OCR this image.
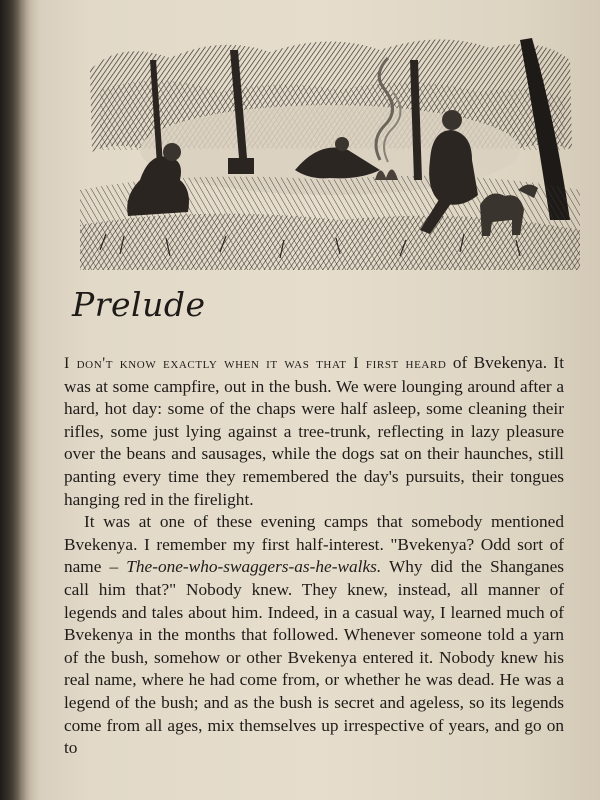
Prelude

I don't know exactly when it was that I first heard of Bvekenya. It was at some campfire, out in the bush. We were lounging around after a hard, hot day: some of the chaps were half asleep, some cleaning their rifles, some just lying against a tree-trunk, reflecting in lazy pleasure over the beans and sausages, while the dogs sat on their haunches, still panting every time they remembered the day's pursuits, their tongues hanging red in the firelight.

It was at one of these evening camps that somebody mentioned Bvekenya. I remember my first half-interest. "Bvekenya? Odd sort of name – The-one-who-swaggers-as-he-walks. Why did the Shanganes call him that?" Nobody knew. They knew, instead, all manner of legends and tales about him. Indeed, in a casual way, I learned much of Bvekenya in the months that followed. Whenever someone told a yarn of the bush, somehow or other Bvekenya entered it. Nobody knew his real name, where he had come from, or whether he was dead. He was a legend of the bush; and as the bush is secret and ageless, so its legends come from all ages, mix themselves up irrespective of years, and go on to
